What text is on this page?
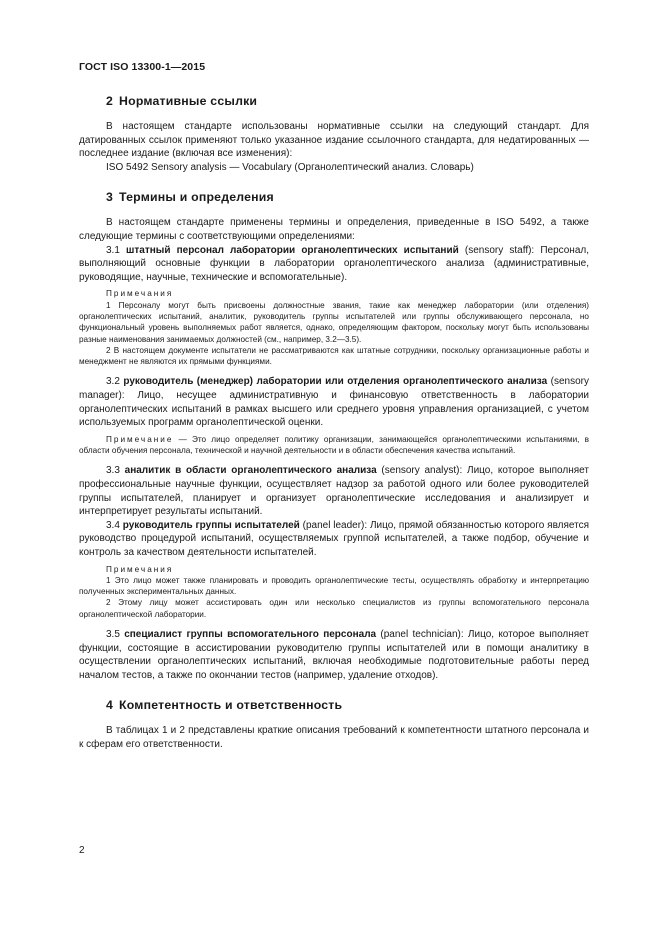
ГОСТ ISO 13300-1—2015
2 Нормативные ссылки

В настоящем стандарте использованы нормативные ссылки на следующий стандарт. Для датированных ссылок применяют только указанное издание ссылочного стандарта, для недатированных — последнее издание (включая все изменения):

ISO 5492 Sensory analysis — Vocabulary (Органолептический анализ. Словарь)

3 Термины и определения

В настоящем стандарте применены термины и определения, приведенные в ISO 5492, а также следующие термины с соответствующими определениями:

3.1 штатный персонал лаборатории органолептических испытаний (sensory staff): Персонал, выполняющий основные функции в лаборатории органолептического анализа (административные, руководящие, научные, технические и вспомогательные).

Примечания

1 Персоналу могут быть присвоены должностные звания, такие как менеджер лаборатории (или отделения) органолептических испытаний, аналитик, руководитель группы испытателей или группы обслуживающего персонала, но функциональный уровень выполняемых работ является, однако, определяющим фактором, поскольку могут быть использованы разные наименования занимаемых должностей (см., например, 3.2—3.5).

2 В настоящем документе испытатели не рассматриваются как штатные сотрудники, поскольку организационные работы и менеджмент не являются их прямыми функциями.

3.2 руководитель (менеджер) лаборатории или отделения органолептического анализа (sensory manager): Лицо, несущее административную и финансовую ответственность в лаборатории органолептических испытаний в рамках высшего или среднего уровня управления организацией, с учетом используемых программ органолептической оценки.

Примечание — Это лицо определяет политику организации, занимающейся органолептическими испытаниями, в области обучения персонала, технической и научной деятельности и в области обеспечения качества испытаний.

3.3 аналитик в области органолептического анализа (sensory analyst): Лицо, которое выполняет профессиональные научные функции, осуществляет надзор за работой одного или более руководителей группы испытателей, планирует и организует органолептические исследования и анализирует и интерпретирует результаты испытаний.

3.4 руководитель группы испытателей (panel leader): Лицо, прямой обязанностью которого является руководство процедурой испытаний, осуществляемых группой испытателей, а также подбор, обучение и контроль за качеством деятельности испытателей.

Примечания

1 Это лицо может также планировать и проводить органолептические тесты, осуществлять обработку и интерпретацию полученных экспериментальных данных.

2 Этому лицу может ассистировать один или несколько специалистов из группы вспомогательного персонала органолептической лаборатории.

3.5 специалист группы вспомогательного персонала (panel technician): Лицо, которое выполняет функции, состоящие в ассистировании руководителю группы испытателей или в помощи аналитику в осуществлении органолептических испытаний, включая необходимые подготовительные работы перед началом тестов, а также по окончании тестов (например, удаление отходов).

4 Компетентность и ответственность

В таблицах 1 и 2 представлены краткие описания требований к компетентности штатного персонала и к сферам его ответственности.

2
